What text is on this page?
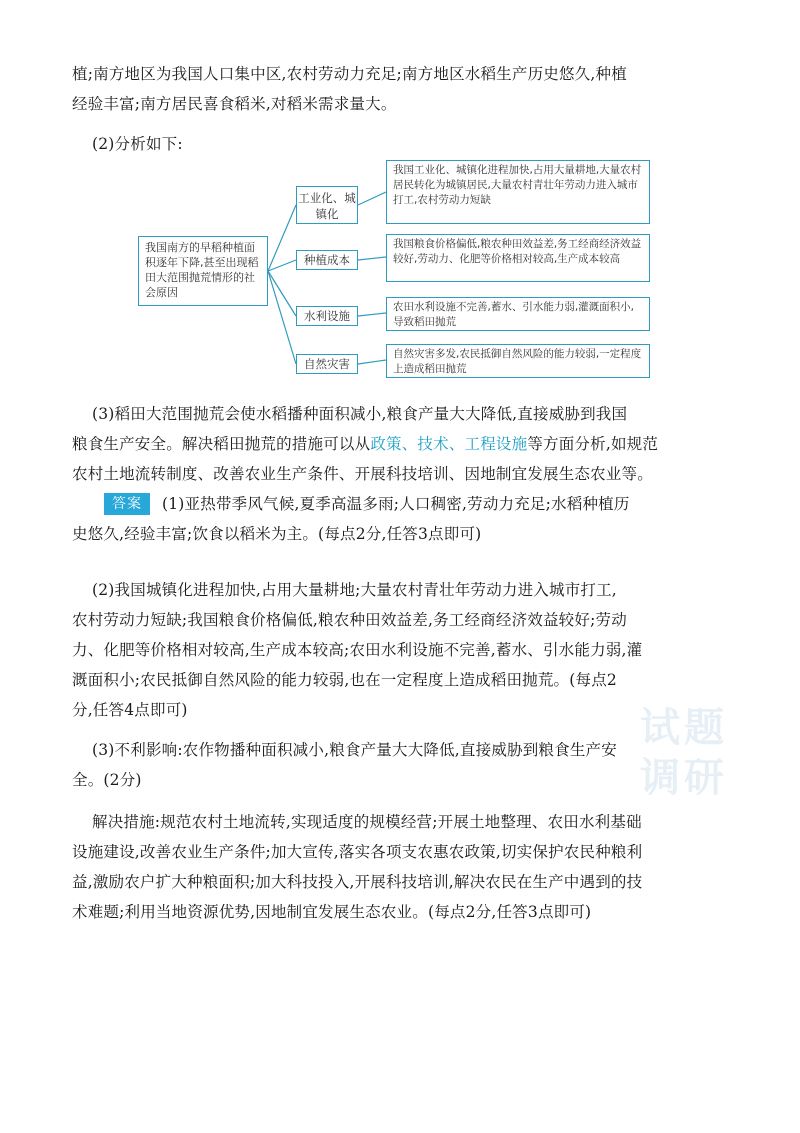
植;南方地区为我国人口集中区,农村劳动力充足;南方地区水稻生产历史悠久,种植
经验丰富;南方居民喜食稻米,对稻米需求量大。
(2)分析如下:
我国南方的早稻种植面积逐年下降,甚至出现稻田大范围抛荒情形的社会原因
工业化、城镇化
种植成本
水利设施
自然灾害
我国工业化、城镇化进程加快,占用大量耕地,大量农村居民转化为城镇居民,大量农村青壮年劳动力进入城市打工,农村劳动力短缺
我国粮食价格偏低,粮农种田效益差,务工经商经济效益较好,劳动力、化肥等价格相对较高,生产成本较高
农田水利设施不完善,蓄水、引水能力弱,灌溉面积小,导致稻田抛荒
自然灾害多发,农民抵御自然风险的能力较弱,一定程度上造成稻田抛荒
(3)稻田大范围抛荒会使水稻播种面积减小,粮食产量大大降低,直接威胁到我国
粮食生产安全。解决稻田抛荒的措施可以从政策、技术、工程设施等方面分析,如规范
农村土地流转制度、改善农业生产条件、开展科技培训、因地制宜发展生态农业等。
答案	(1)亚热带季风气候,夏季高温多雨;人口稠密,劳动力充足;水稻种植历
史悠久,经验丰富;饮食以稻米为主。(每点2分,任答3点即可)
(2)我国城镇化进程加快,占用大量耕地;大量农村青壮年劳动力进入城市打工,
农村劳动力短缺;我国粮食价格偏低,粮农种田效益差,务工经商经济效益较好;劳动
力、化肥等价格相对较高,生产成本较高;农田水利设施不完善,蓄水、引水能力弱,灌
溉面积小;农民抵御自然风险的能力较弱,也在一定程度上造成稻田抛荒。(每点2
分,任答4点即可)
(3)不利影响:农作物播种面积减小,粮食产量大大降低,直接威胁到粮食生产安
全。(2分)
解决措施:规范农村土地流转,实现适度的规模经营;开展土地整理、农田水利基础
设施建设,改善农业生产条件;加大宣传,落实各项支农惠农政策,切实保护农民种粮利
益,激励农户扩大种粮面积;加大科技投入,开展科技培训,解决农民在生产中遇到的技
术难题;利用当地资源优势,因地制宜发展生态农业。(每点2分,任答3点即可)
试题
调研
